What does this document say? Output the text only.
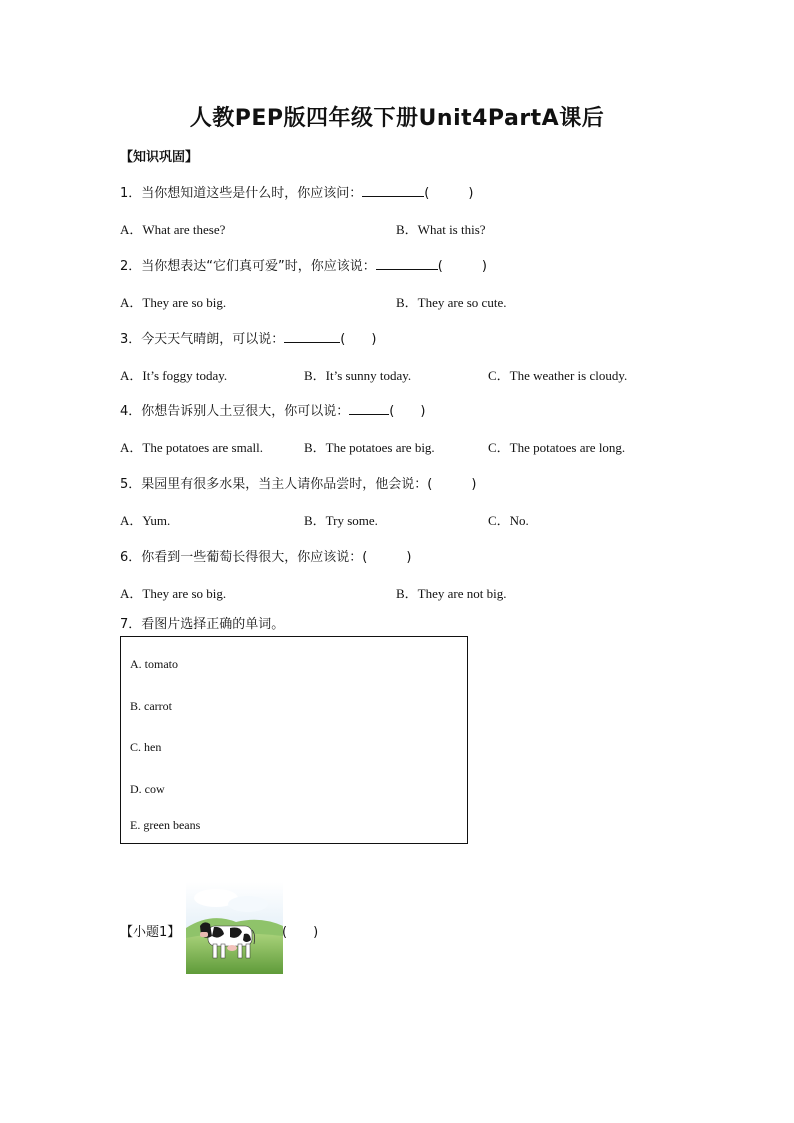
人教PEP版四年级下册Unit4PartA课后
【知识巩固】
1．当你想知道这些是什么时，你应该问：	(　　　)
A．What are these?	B．What is this?
2．当你想表达“它们真可爱”时，你应该说：	(　　　)
A．They are so big.	B．They are so cute.
3．今天天气晴朗，可以说：	(　　)
A．It’s foggy today.	B．It’s sunny today.	C．The weather is cloudy.
4．你想告诉别人土豆很大，你可以说：	(　　)
A．The potatoes are small.	B．The potatoes are big.	C．The potatoes are long.
5．果园里有很多水果，当主人请你品尝时，他会说：(　　　)
A．Yum.	B．Try some.	C．No.
6．你看到一些葡萄长得很大，你应该说：(　　　)
A．They are so big.	B．They are not big.
7．看图片选择正确的单词。
A. tomato
B. carrot
C. hen
D. cow
E. green beans
【小题1】	(　　)
